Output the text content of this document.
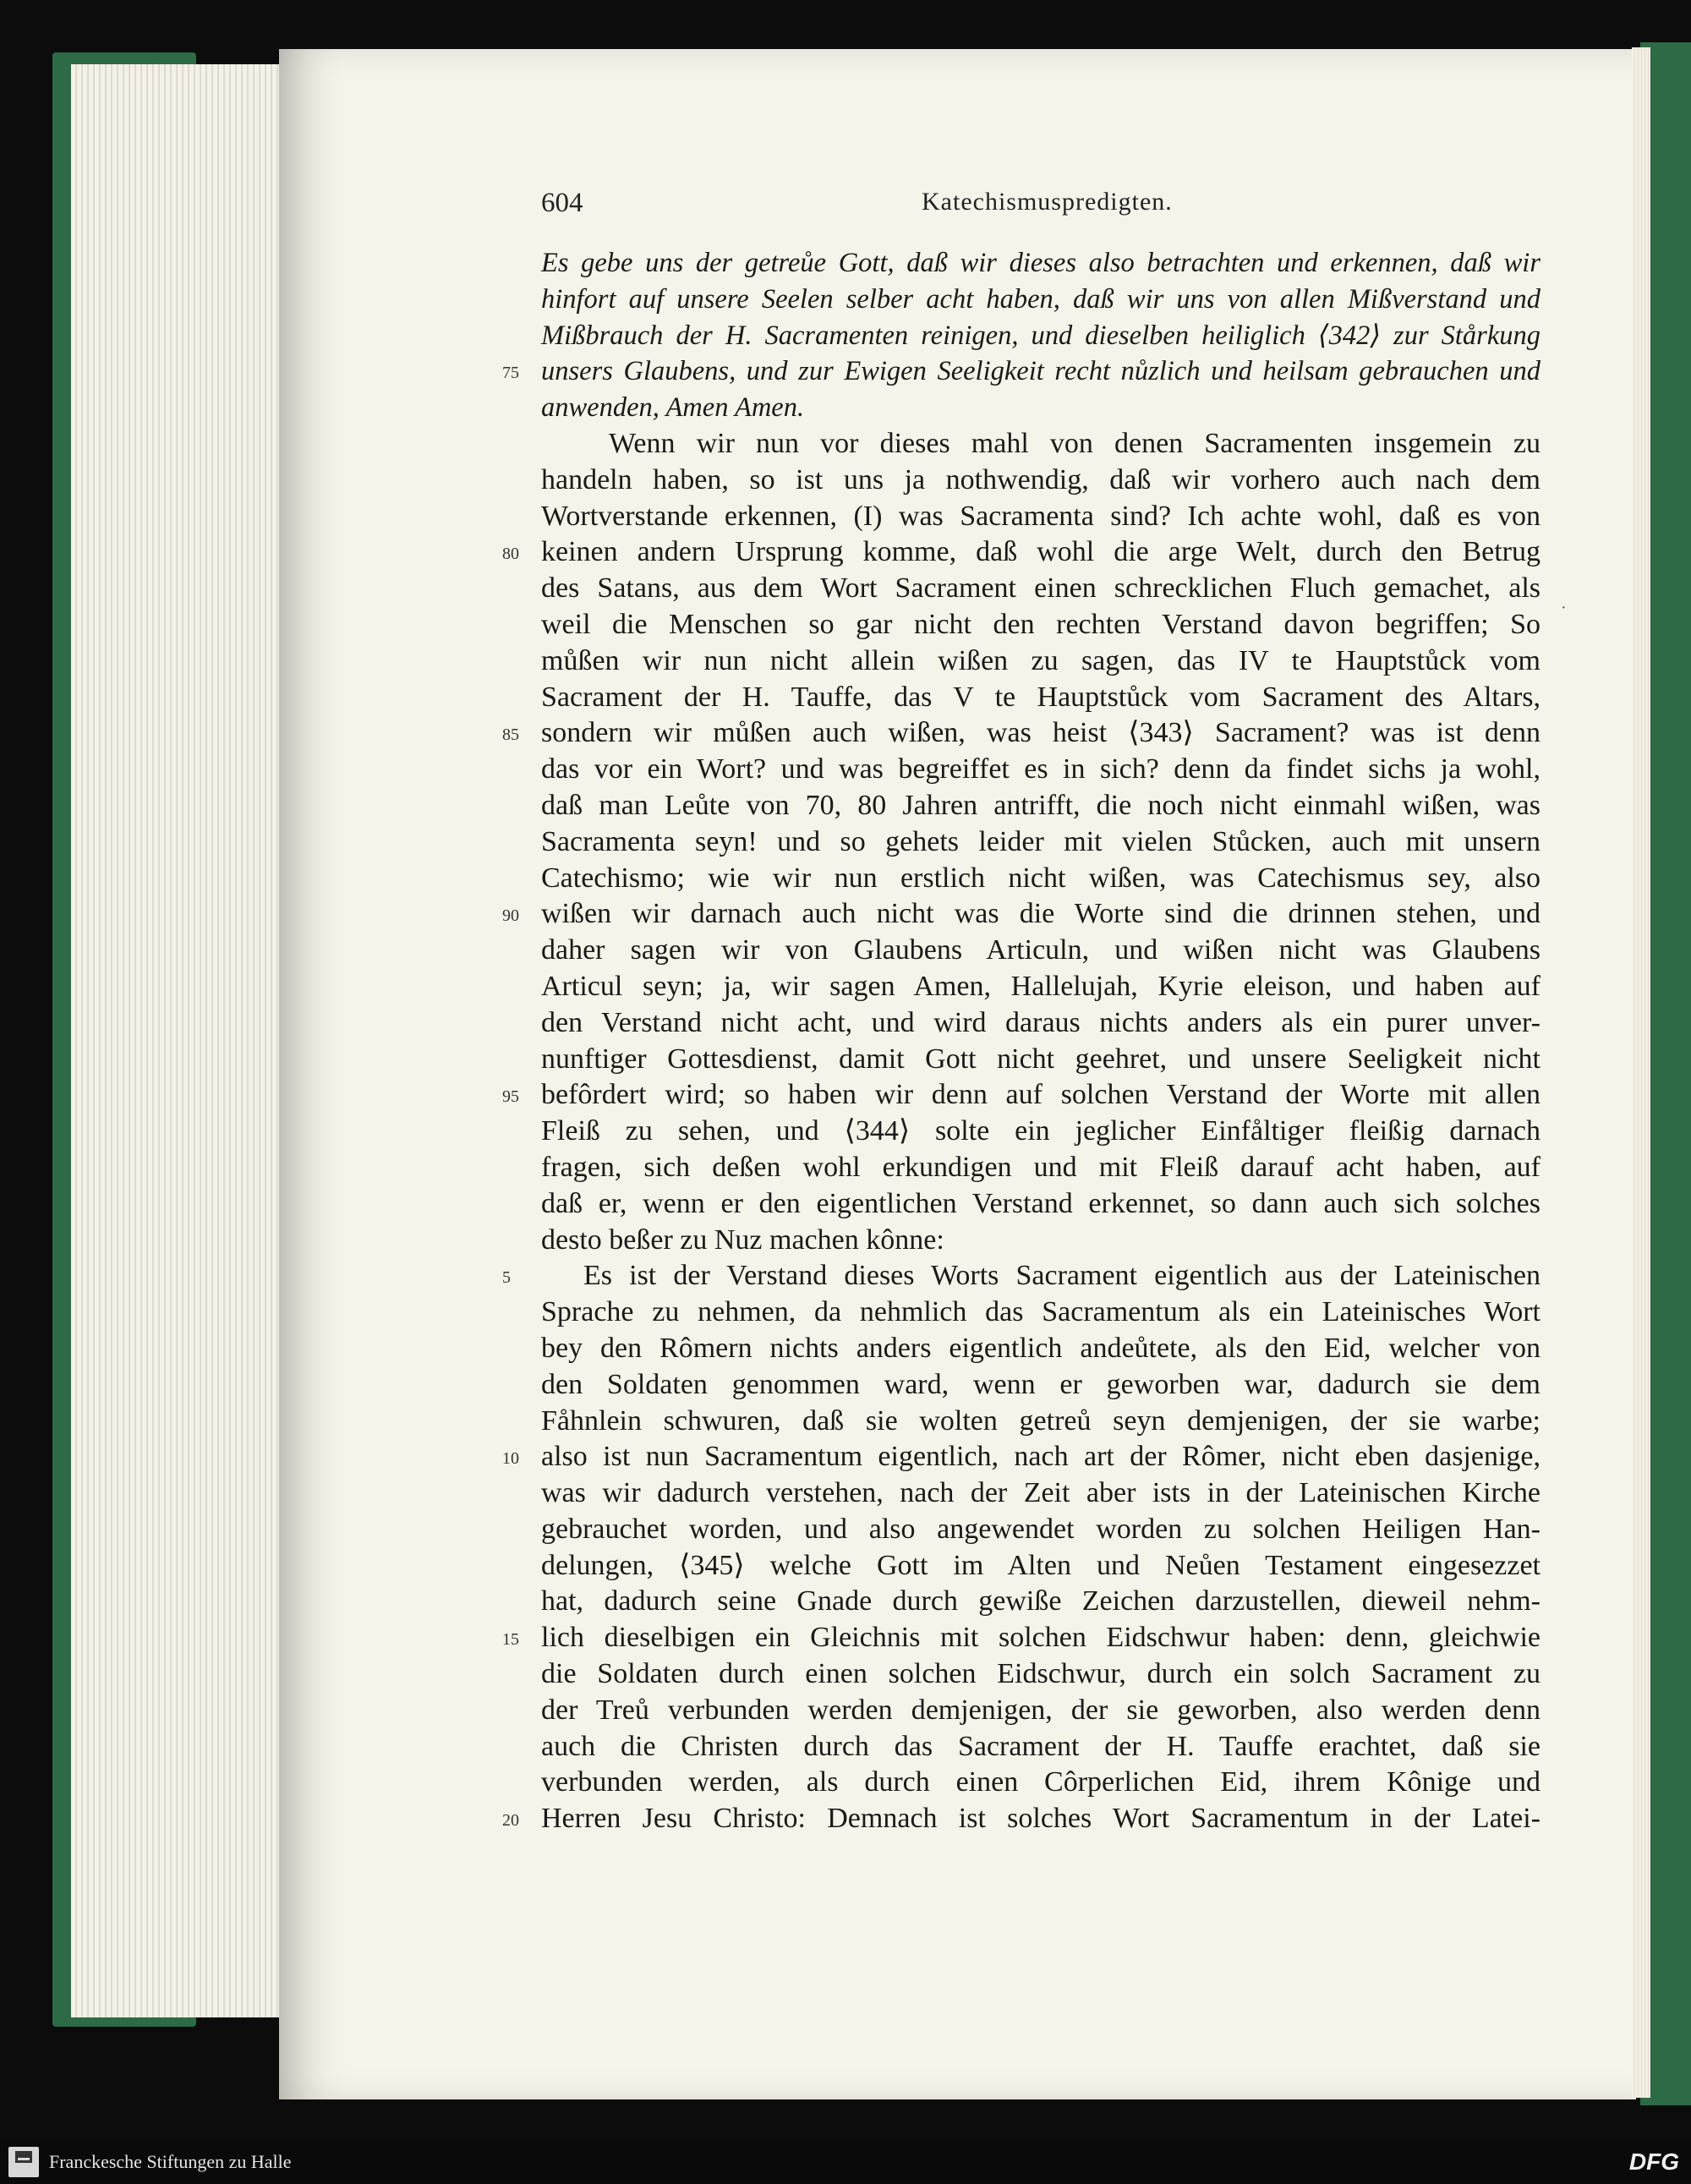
604	Katechismuspredigten.
Es gebe uns der getreůe Gott, daß wir dieses also betrachten und erkennen, daß wir
hinfort auf unsere Seelen selber acht haben, daß wir uns von allen Mißverstand und
Mißbrauch der H. Sacramenten reinigen, und dieselben heiliglich ⟨342⟩ zur Stårkung
unsers Glaubens, und zur Ewigen Seeligkeit recht nůzlich und heilsam gebrauchen und
anwenden, Amen Amen.
Wenn wir nun vor dieses mahl von denen Sacramenten insgemein zu
handeln haben, so ist uns ja nothwendig, daß wir vorhero auch nach dem
Wortverstande erkennen, (I) was Sacramenta sind? Ich achte wohl, daß es von
keinen andern Ursprung komme, daß wohl die arge Welt, durch den Betrug
des Satans, aus dem Wort Sacrament einen schrecklichen Fluch gemachet, als
weil die Menschen so gar nicht den rechten Verstand davon begriffen; So
můßen wir nun nicht allein wißen zu sagen, das IV te Hauptstůck vom
Sacrament der H. Tauffe, das V te Hauptstůck vom Sacrament des Altars,
sondern wir můßen auch wißen, was heist ⟨343⟩ Sacrament? was ist denn
das vor ein Wort? und was begreiffet es in sich? denn da findet sichs ja wohl,
daß man Leůte von 70, 80 Jahren antrifft, die noch nicht einmahl wißen, was
Sacramenta seyn! und so gehets leider mit vielen Stůcken, auch mit unsern
Catechismo; wie wir nun erstlich nicht wißen, was Catechismus sey, also
wißen wir darnach auch nicht was die Worte sind die drinnen stehen, und
daher sagen wir von Glaubens Articuln, und wißen nicht was Glaubens
Articul seyn; ja, wir sagen Amen, Hallelujah, Kyrie eleison, und haben auf
den Verstand nicht acht, und wird daraus nichts anders als ein purer unver-
nunftiger Gottesdienst, damit Gott nicht geehret, und unsere Seeligkeit nicht
befôrdert wird; so haben wir denn auf solchen Verstand der Worte mit allen
Fleiß zu sehen, und ⟨344⟩ solte ein jeglicher Einfåltiger fleißig darnach
fragen, sich deßen wohl erkundigen und mit Fleiß darauf acht haben, auf
daß er, wenn er den eigentlichen Verstand erkennet, so dann auch sich solches
desto beßer zu Nuz machen kônne:
Es ist der Verstand dieses Worts Sacrament eigentlich aus der Lateinischen
Sprache zu nehmen, da nehmlich das Sacramentum als ein Lateinisches Wort
bey den Rômern nichts anders eigentlich andeůtete, als den Eid, welcher von
den Soldaten genommen ward, wenn er geworben war, dadurch sie dem
Fåhnlein schwuren, daß sie wolten getreů seyn demjenigen, der sie warbe;
also ist nun Sacramentum eigentlich, nach art der Rômer, nicht eben dasjenige,
was wir dadurch verstehen, nach der Zeit aber ists in der Lateinischen Kirche
gebrauchet worden, und also angewendet worden zu solchen Heiligen Han-
delungen, ⟨345⟩ welche Gott im Alten und Neůen Testament eingesezzet
hat, dadurch seine Gnade durch gewiße Zeichen darzustellen, dieweil nehm-
lich dieselbigen ein Gleichnis mit solchen Eidschwur haben: denn, gleichwie
die Soldaten durch einen solchen Eidschwur, durch ein solch Sacrament zu
der Treů verbunden werden demjenigen, der sie geworben, also werden denn
auch die Christen durch das Sacrament der H. Tauffe erachtet, daß sie
verbunden werden, als durch einen Côrperlichen Eid, ihrem Kônige und
Herren Jesu Christo: Demnach ist solches Wort Sacramentum in der Latei-
75
80
85
90
95
5
10
15
20
·
Franckesche Stiftungen zu Halle	DFG
